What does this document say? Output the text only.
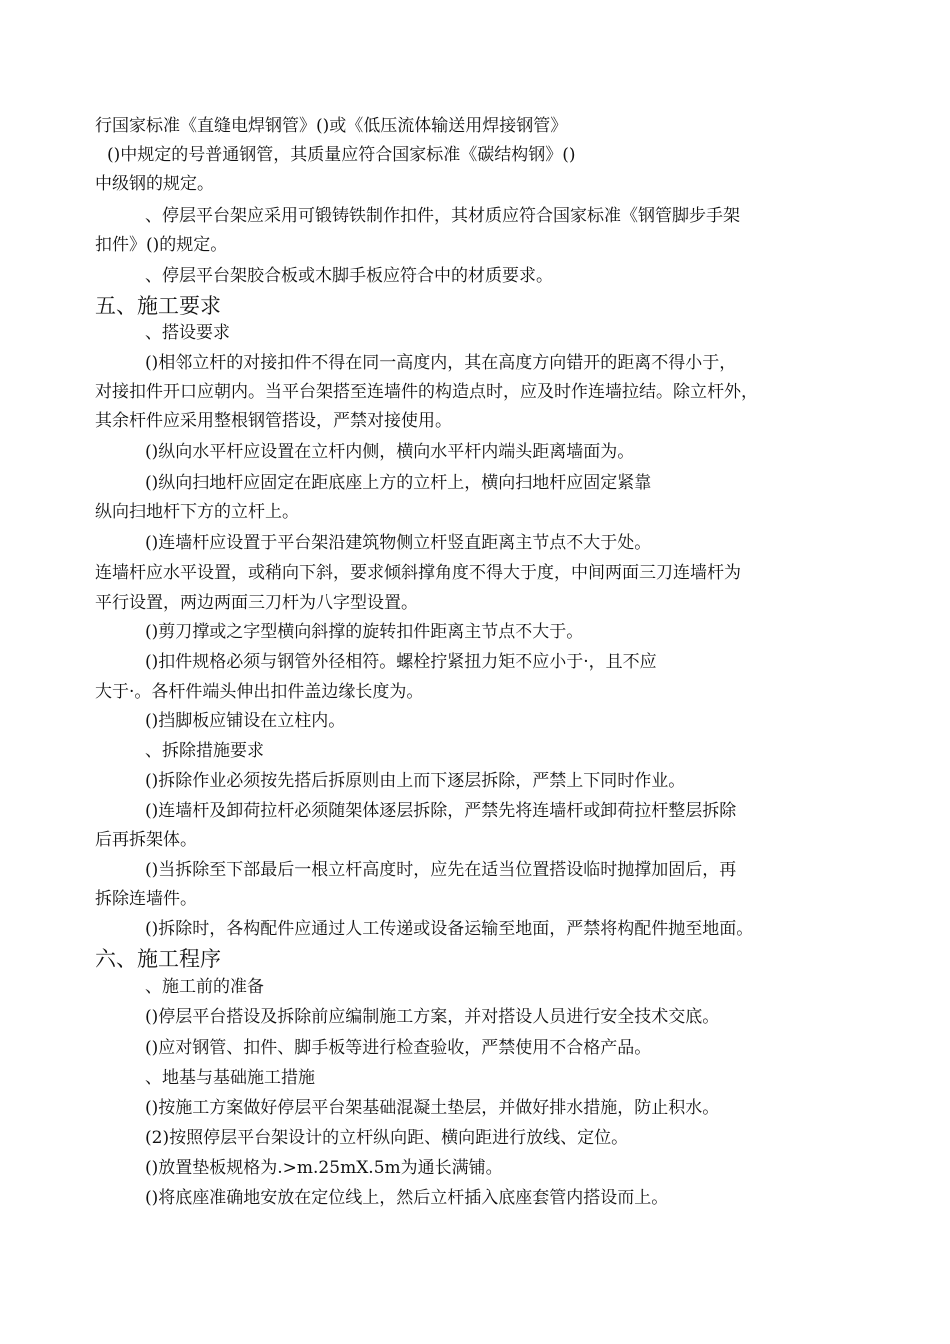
行国家标准《直缝电焊钢管》()或《低压流体输送用焊接钢管》
()中规定的号普通钢管，其质量应符合国家标准《碳结构钢》()
中级钢的规定。
、停层平台架应采用可锻铸铁制作扣件，其材质应符合国家标准《钢管脚步手架
扣件》()的规定。
、停层平台架胶合板或木脚手板应符合中的材质要求。
五、施工要求
、搭设要求
()相邻立杆的对接扣件不得在同一高度内，其在高度方向错开的距离不得小于，
对接扣件开口应朝内。当平台架搭至连墙件的构造点时，应及时作连墙拉结。除立杆外，
其余杆件应采用整根钢管搭设，严禁对接使用。
()纵向水平杆应设置在立杆内侧，横向水平杆内端头距离墙面为。
()纵向扫地杆应固定在距底座上方的立杆上，横向扫地杆应固定紧靠
纵向扫地杆下方的立杆上。
()连墙杆应设置于平台架沿建筑物侧立杆竖直距离主节点不大于处。
连墙杆应水平设置，或稍向下斜，要求倾斜撑角度不得大于度，中间两面三刀连墙杆为
平行设置，两边两面三刀杆为八字型设置。
()剪刀撑或之字型横向斜撑的旋转扣件距离主节点不大于。
()扣件规格必须与钢管外径相符。螺栓拧紧扭力矩不应小于·，且不应
大于·。各杆件端头伸出扣件盖边缘长度为。
()挡脚板应铺设在立柱内。
、拆除措施要求
()拆除作业必须按先搭后拆原则由上而下逐层拆除，严禁上下同时作业。
()连墙杆及卸荷拉杆必须随架体逐层拆除，严禁先将连墙杆或卸荷拉杆整层拆除
后再拆架体。
()当拆除至下部最后一根立杆高度时，应先在适当位置搭设临时抛撑加固后，再
拆除连墙件。
()拆除时，各构配件应通过人工传递或设备运输至地面，严禁将构配件抛至地面。
六、施工程序
、施工前的准备
()停层平台搭设及拆除前应编制施工方案，并对搭设人员进行安全技术交底。
()应对钢管、扣件、脚手板等进行检查验收，严禁使用不合格产品。
、地基与基础施工措施
()按施工方案做好停层平台架基础混凝土垫层，并做好排水措施，防止积水。
(2)按照停层平台架设计的立杆纵向距、横向距进行放线、定位。
()放置垫板规格为.>m.25mX.5m为通长满铺。
()将底座准确地安放在定位线上，然后立杆插入底座套管内搭设而上。
